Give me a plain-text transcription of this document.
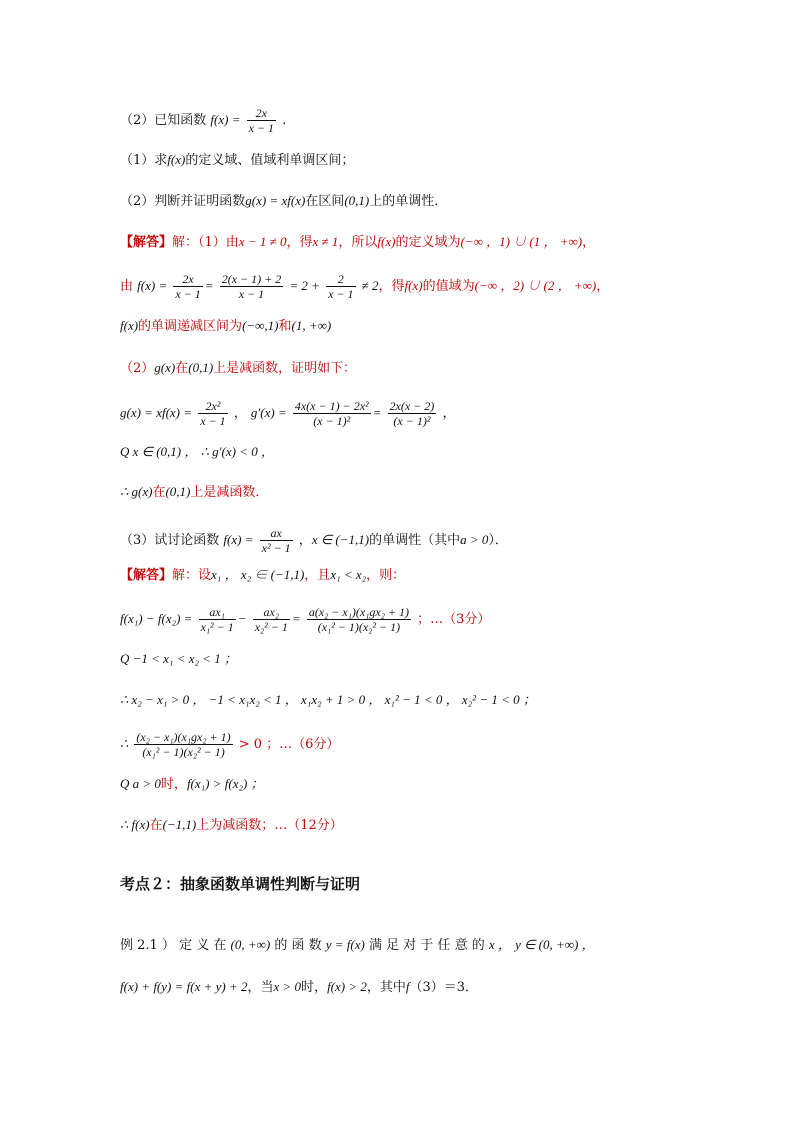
（2）已知函数 $f(x) = \frac{2x}{x - 1}$ .
（1）求f(x)的定义域、值域利单调区间；
（2）判断并证明函数g(x) = xf(x)在区间(0,1)上的单调性．
【解答】解：（1）由x − 1 ≠ 0，得x ≠ 1，所以f(x)的定义域为(−∞ ，1) ∪ (1 ， +∞)，
由 $f(x) = \frac{2x}{x - 1} = \frac{2(x - 1) + 2}{x - 1} = 2 + \frac{2}{x - 1} \ne 2$，得f(x)的值域为(−∞ ，2) ∪ (2 ， +∞)，
f(x)的单调递减区间为(−∞,1)和(1, +∞)
（2）g(x)在(0,1)上是减函数，证明如下：
$g(x) = xf(x) = \frac{\text{2x²}}{x - 1}$ ， $g'(x) = \frac{\text{4x(x − 1) − 2x²}}{\text{(x − 1)²}} = \frac{2x(x - 2)}{\text{(x − 1)²}}$ ，
Q x ∈ (0,1) ， ∴ g′(x) < 0 ，
∴ g(x)在(0,1)上是减函数．
（3）试讨论函数 $f(x) = \frac{ax}{\text{x² − 1}}$ ，x ∈ (−1,1)的单调性（其中a > 0）．
【解答】解：设x₁ ， x₂ ∈ (−1,1)，且x₁ < x₂，则：
$f(x_1) - f(x_2) = \frac{\text{ax₁}}{\text{x₁² − 1}} - \frac{\text{ax₂}}{\text{x₂² − 1}} = \frac{\text{a(x₂ − x₁)(x₁gx₂ + 1)}}{\text{(x₁² − 1)(x₂² − 1)}}$ ；…（3分）
Q −1 < x₁ < x₂ < 1 ；
∴ x₂ − x₁ > 0 ， −1 < x₁x₂ < 1 ， x₁x₂ + 1 > 0 ， x₁² − 1 < 0 ， x₂² − 1 < 0 ；
∴ $\frac{\text{(x₂ − x₁)(x₁gx₂ + 1)}}{\text{(x₁² − 1)(x₂² − 1)}} > 0$ ；…（6分）
Q a > 0时，f(x₁) > f(x₂) ；
∴ f(x)在(−1,1)上为减函数；…（12分）
考点２：抽象函数单调性判断与证明
例 2.1 ） 定 义 在 (0, +∞) 的 函 数 y = f(x) 满 足 对 于 任 意 的 x ， y ∈ (0, +∞) ，
f(x) + f(y) = f(x + y) + 2，当x > 0时，f(x) > 2，其中f（3）＝3．
